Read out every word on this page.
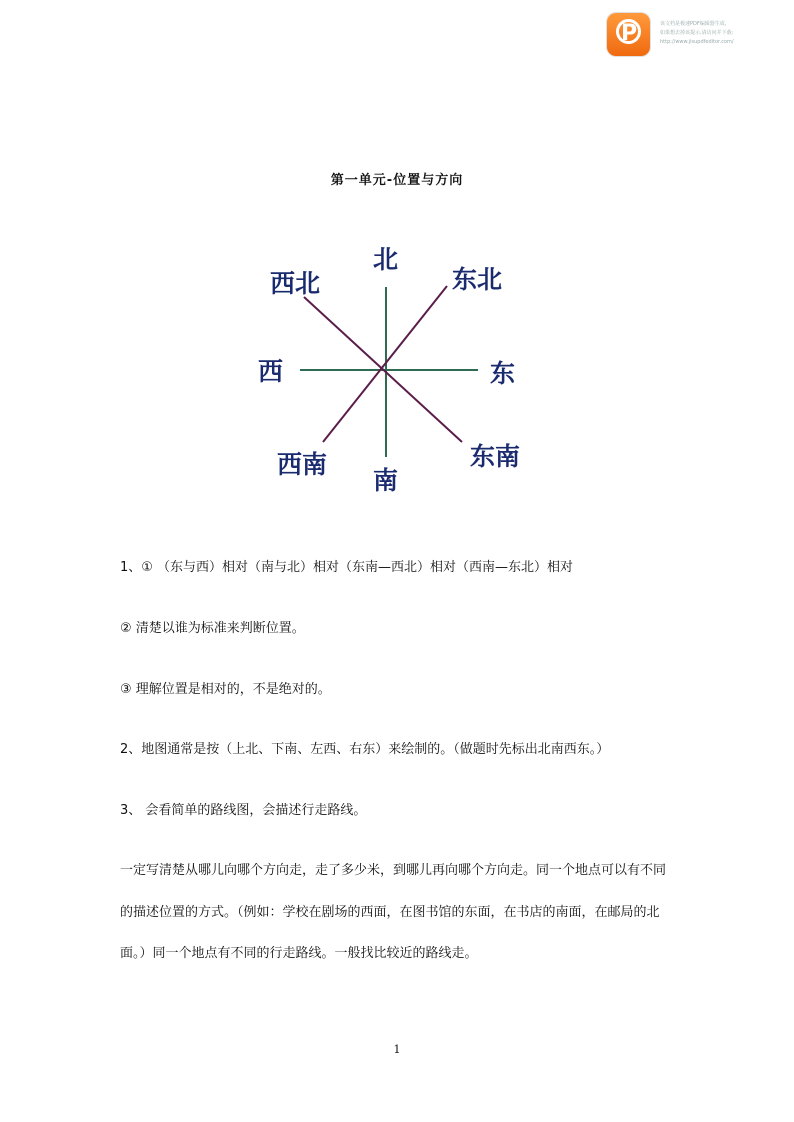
P	该文档是极速PDF编辑器生成,
如果想去掉该提示,请访问并下载:
http://www.jisupdfeditor.com/
第一单元-位置与方向
北
东北
东
东南
南
西南
西
西北
1、① （东与西）相对（南与北）相对（东南—西北）相对（西南—东北）相对
② 清楚以谁为标准来判断位置。
③ 理解位置是相对的，不是绝对的。
2、地图通常是按（上北、下南、左西、右东）来绘制的。（做题时先标出北南西东。）
3、 会看简单的路线图，会描述行走路线。
一定写清楚从哪儿向哪个方向走，走了多少米，到哪儿再向哪个方向走。同一个地点可以有不同
的描述位置的方式。（例如：学校在剧场的西面，在图书馆的东面，在书店的南面，在邮局的北
面。）同一个地点有不同的行走路线。一般找比较近的路线走。
1
